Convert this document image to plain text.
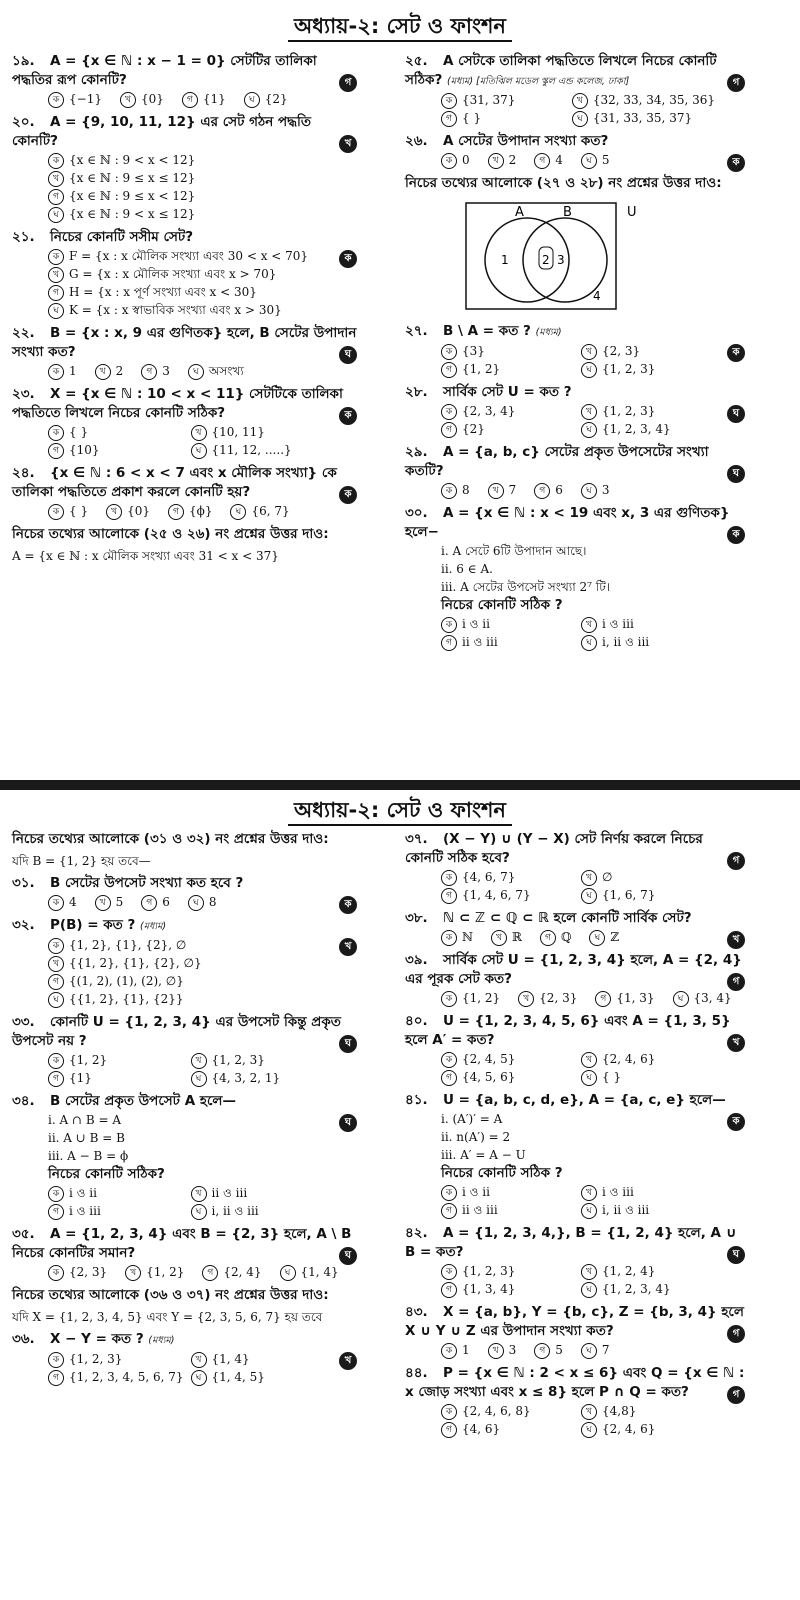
অধ্যায়-২: সেট ও ফাংশন
১৯. A = {x ∈ ℕ : x − 1 = 0} সেটটির তালিকা পদ্ধতির রূপ কোনটি?
ক {−1}	খ {0}	গ {1}	ঘ {2}
গ
২০. A = {9, 10, 11, 12} এর সেট গঠন পদ্ধতি কোনটি?
ক {x ∈ ℕ : 9 < x < 12}
খ {x ∈ ℕ : 9 ≤ x ≤ 12}
গ {x ∈ ℕ : 9 ≤ x < 12}
ঘ {x ∈ ℕ : 9 < x ≤ 12}
খ
২১. নিচের কোনটি সসীম সেট?
ক F = {x : x মৌলিক সংখ্যা এবং 30 < x < 70}
খ G = {x : x মৌলিক সংখ্যা এবং x > 70}
গ H = {x : x পূর্ণ সংখ্যা এবং x < 30}
ঘ K = {x : x স্বাভাবিক সংখ্যা এবং x > 30}
ক
২২. B = {x : x, 9 এর গুণিতক} হলে, B সেটের উপাদান সংখ্যা কত?
ক 1	খ 2	গ 3	ঘ অসংখ্য
ঘ
২৩. X = {x ∈ ℕ : 10 < x < 11} সেটটিকে তালিকা পদ্ধতিতে লিখলে নিচের কোনটি সঠিক?
ক { }	খ {10, 11}
গ {10}	ঘ {11, 12, .....}
ক
২৪. {x ∈ ℕ : 6 < x < 7 এবং x মৌলিক সংখ্যা} কে তালিকা পদ্ধতিতে প্রকাশ করলে কোনটি হয়?
ক { }	খ {0}	গ {ϕ}	ঘ {6, 7}
ক
নিচের তথ্যের আলোকে (২৫ ও ২৬) নং প্রশ্নের উত্তর দাও:
A = {x ∈ ℕ : x মৌলিক সংখ্যা এবং 31 < x < 37}
২৫. A সেটকে তালিকা পদ্ধতিতে লিখলে নিচের কোনটি সঠিক? (মধ্যম) [মতিঝিল মডেল স্কুল এন্ড কলেজ, ঢাকা]
ক {31, 37}	খ {32, 33, 34, 35, 36}
গ { }	ঘ {31, 33, 35, 37}
গ
২৬. A সেটের উপাদান সংখ্যা কত?
ক 0	খ 2	গ 4	ঘ 5	ক
নিচের তথ্যের আলোকে (২৭ ও ২৮) নং প্রশ্নের উত্তর দাও:
A	B	U
1	2 3
4
২৭. B \ A = কত ? (মধ্যম)
ক {3}	খ {2, 3}
গ {1, 2}	ঘ {1, 2, 3}
ক
২৮. সার্বিক সেট U = কত ?
ক {2, 3, 4}	খ {1, 2, 3}
গ {2}	ঘ {1, 2, 3, 4}
ঘ
২৯. A = {a, b, c} সেটের প্রকৃত উপসেটের সংখ্যা কতটি?
ক 8	খ 7	গ 6	ঘ 3
ঘ
৩০. A = {x ∈ ℕ : x < 19 এবং x, 3 এর গুণিতক} হলে−
i. A সেটে 6টি উপাদান আছে।
ii. 6 ∈ A.
iii. A সেটের উপসেট সংখ্যা 2⁷ টি।
নিচের কোনটি সঠিক ?
ক i ও ii	খ i ও iii
গ ii ও iii	ঘ i, ii ও iii
ক
অধ্যায়-২: সেট ও ফাংশন
নিচের তথ্যের আলোকে (৩১ ও ৩২) নং প্রশ্নের উত্তর দাও:
যদি B = {1, 2} হয় তবে—
৩১. B সেটের উপসেট সংখ্যা কত হবে ?
ক 4	খ 5	গ 6	ঘ 8	ক
৩২. P(B) = কত ? (মধ্যম)
ক {1, 2}, {1}, {2}, ∅
খ {{1, 2}, {1}, {2}, ∅}
গ {(1, 2), (1), (2), ∅}
ঘ {{1, 2}, {1}, {2}}
খ
৩৩. কোনটি U = {1, 2, 3, 4} এর উপসেট কিন্তু প্রকৃত উপসেট নয় ?
ক {1, 2}	খ {1, 2, 3}
গ {1}	ঘ {4, 3, 2, 1}
ঘ
৩৪. B সেটের প্রকৃত উপসেট A হলে—
i. A ∩ B = A
ii. A ∪ B = B
iii. A − B = ϕ
নিচের কোনটি সঠিক?
ক i ও ii	খ ii ও iii
গ i ও iii	ঘ i, ii ও iii
ঘ
৩৫. A = {1, 2, 3, 4} এবং B = {2, 3} হলে, A \ B নিচের কোনটির সমান?
ক {2, 3}	খ {1, 2}	গ {2, 4}	ঘ {1, 4}
ঘ
নিচের তথ্যের আলোকে (৩৬ ও ৩৭) নং প্রশ্নের উত্তর দাও:
যদি X = {1, 2, 3, 4, 5} এবং Y = {2, 3, 5, 6, 7} হয় তবে
৩৬. X − Y = কত ? (মধ্যম)
ক {1, 2, 3}	খ {1, 4}
গ {1, 2, 3, 4, 5, 6, 7}	ঘ {1, 4, 5}
খ
৩৭. (X − Y) ∪ (Y − X) সেট নির্ণয় করলে নিচের কোনটি সঠিক হবে?
ক {4, 6, 7}	খ ∅
গ {1, 4, 6, 7}	ঘ {1, 6, 7}
গ
৩৮. ℕ ⊂ ℤ ⊂ ℚ ⊂ ℝ হলে কোনটি সার্বিক সেট?
ক ℕ	খ ℝ	গ ℚ	ঘ ℤ	খ
৩৯. সার্বিক সেট U = {1, 2, 3, 4} হলে, A = {2, 4} এর পূরক সেট কত?
ক {1, 2}	খ {2, 3}	গ {1, 3}	ঘ {3, 4}
গ
৪০. U = {1, 2, 3, 4, 5, 6} এবং A = {1, 3, 5} হলে A′ = কত?
ক {2, 4, 5}	খ {2, 4, 6}
গ {4, 5, 6}	ঘ { }
খ
৪১. U = {a, b, c, d, e}, A = {a, c, e} হলে—
i. (A′)′ = A
ii. n(A′) = 2
iii. A′ = A − U
নিচের কোনটি সঠিক ?
ক i ও ii	খ i ও iii
গ ii ও iii	ঘ i, ii ও iii
ক
৪২. A = {1, 2, 3, 4,}, B = {1, 2, 4} হলে, A ∪ B = কত?
ক {1, 2, 3}	খ {1, 2, 4}
গ {1, 3, 4}	ঘ {1, 2, 3, 4}
ঘ
৪৩. X = {a, b}, Y = {b, c}, Z = {b, 3, 4} হলে X ∪ Y ∪ Z এর উপাদান সংখ্যা কত?
ক 1	খ 3	গ 5	ঘ 7
গ
৪৪. P = {x ∈ ℕ : 2 < x ≤ 6} এবং Q = {x ∈ ℕ : x জোড় সংখ্যা এবং x ≤ 8} হলে P ∩ Q = কত?
ক {2, 4, 6, 8}	খ {4,8}
গ {4, 6}	ঘ {2, 4, 6}
গ
